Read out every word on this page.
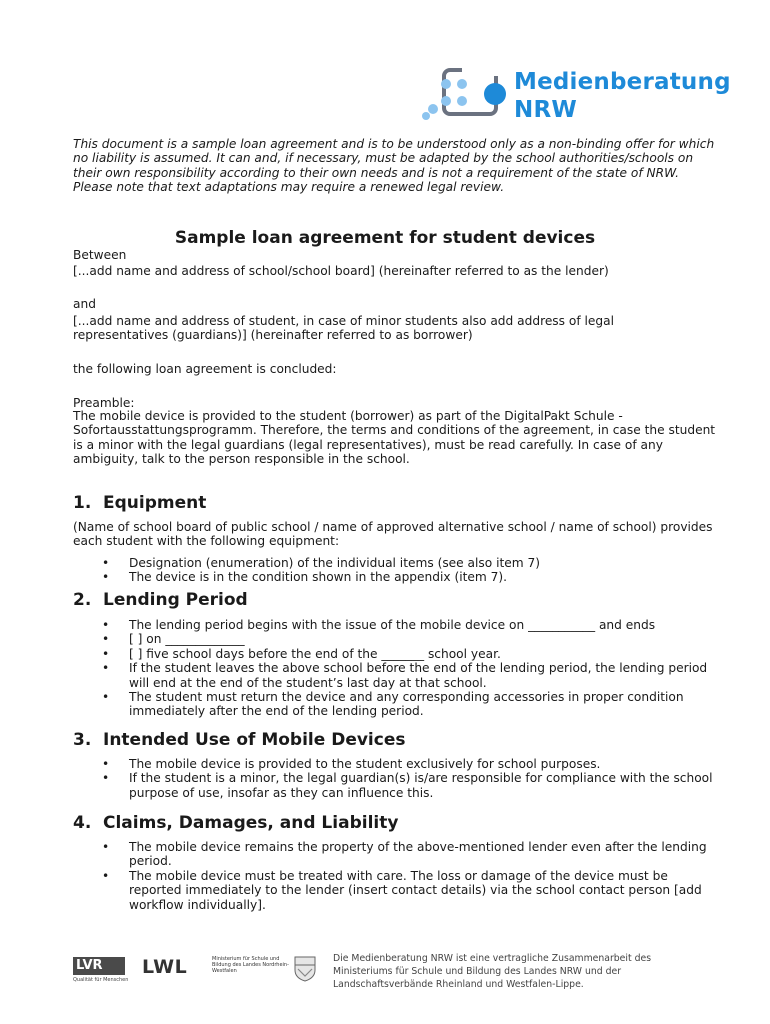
Medienberatung
NRW
This document is a sample loan agreement and is to be understood only as a non-binding offer for which no liability is assumed. It can and, if necessary, must be adapted by the school authorities/schools on their own responsibility according to their own needs and is not a requirement of the state of NRW. Please note that text adaptations may require a renewed legal review.
Sample loan agreement for student devices
Between
[...add name and address of school/school board] (hereinafter referred to as the lender)
and
[...add name and address of student, in case of minor students also add address of legal representatives (guardians)] (hereinafter referred to as borrower)
the following loan agreement is concluded:
Preamble:
The mobile device is provided to the student (borrower) as part of the DigitalPakt Schule - Sofortausstattungsprogramm. Therefore, the terms and conditions of the agreement, in case the student is a minor with the legal guardians (legal representatives), must be read carefully. In case of any ambiguity, talk to the person responsible in the school.
1. Equipment
(Name of school board of public school / name of approved alternative school / name of school) provides each student with the following equipment:
• Designation (enumeration) of the individual items (see also item 7)
• The device is in the condition shown in the appendix (item 7).
2. Lending Period
• The lending period begins with the issue of the mobile device on ___________ and ends
• [ ] on _____________
• [ ] five school days before the end of the _______ school year.
• If the student leaves the above school before the end of the lending period, the lending period will end at the end of the student’s last day at that school.
• The student must return the device and any corresponding accessories in proper condition immediately after the end of the lending period.
3. Intended Use of Mobile Devices
• The mobile device is provided to the student exclusively for school purposes.
• If the student is a minor, the legal guardian(s) is/are responsible for compliance with the school purpose of use, insofar as they can influence this.
4. Claims, Damages, and Liability
• The mobile device remains the property of the above-mentioned lender even after the lending period.
• The mobile device must be treated with care. The loss or damage of the device must be reported immediately to the lender (insert contact details) via the school contact person [add workflow individually].
LVR
Qualität für Menschen
LWL	Ministerium für Schule und Bildung des Landes Nordrhein-Westfalen
Die Medienberatung NRW ist eine vertragliche Zusammenarbeit des Ministeriums für Schule und Bildung des Landes NRW und der Landschaftsverbände Rheinland und Westfalen-Lippe.
